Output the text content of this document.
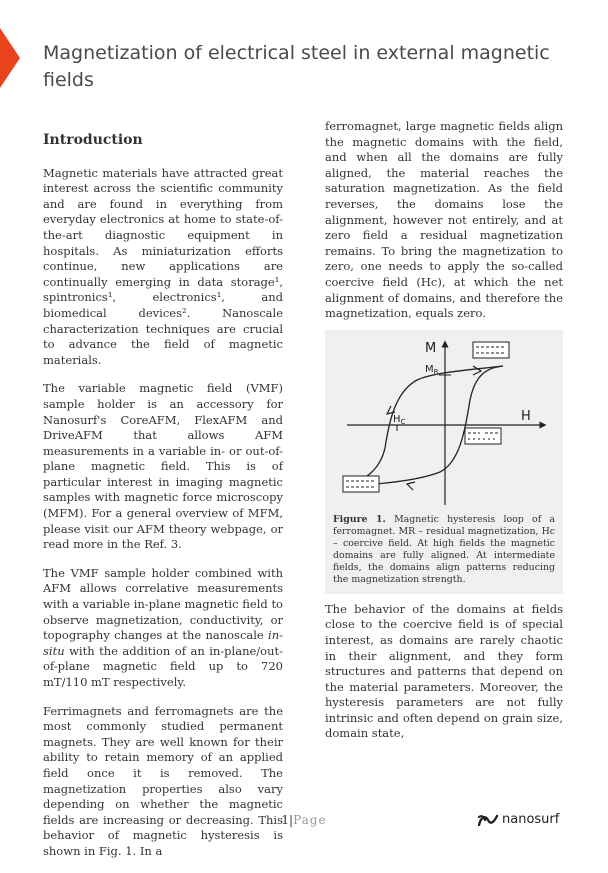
Magnetization of electrical steel in external magnetic fields
Introduction

Magnetic materials have attracted great interest across the scientific community and are found in everything from everyday electronics at home to state-of-the-art diagnostic equipment in hospitals. As miniaturization efforts continue, new applications are continually emerging in data storage¹, spintronics¹, electronics¹, and biomedical devices². Nanoscale characterization techniques are crucial to advance the field of magnetic materials.

The variable magnetic field (VMF) sample holder is an accessory for Nanosurf's CoreAFM, FlexAFM and DriveAFM that allows AFM measurements in a variable in- or out-of-plane magnetic field. This is of particular interest in imaging magnetic samples with magnetic force microscopy (MFM). For a general overview of MFM, please visit our AFM theory webpage, or read more in the Ref. 3.

The VMF sample holder combined with AFM allows correlative measurements with a variable in-plane magnetic field to observe magnetization, conductivity, or topography changes at the nanoscale in-situ with the addition of an in-plane/out-of-plane magnetic field up to 720 mT/110 mT respectively.

Ferrimagnets and ferromagnets are the most commonly studied permanent magnets. They are well known for their ability to retain memory of an applied field once it is removed. The magnetization properties also vary depending on whether the magnetic fields are increasing or decreasing. This behavior of magnetic hysteresis is shown in Fig. 1. In a

ferromagnet, large magnetic fields align the magnetic domains with the field, and when all the domains are fully aligned, the material reaches the saturation magnetization. As the field reverses, the domains lose the alignment, however not entirely, and at zero field a residual magnetization remains. To bring the magnetization to zero, one needs to apply the so-called coercive field (Hc), at which the net alignment of domains, and therefore the magnetization, equals zero.

M
$M_R$
$H_C$	H
Figure 1. Magnetic hysteresis loop of a ferromagnet. MR – residual magnetization, Hc – coercive field. At high fields the magnetic domains are fully aligned. At intermediate fields, the domains align patterns reducing the magnetization strength.

The behavior of the domains at fields close to the coercive field is of special interest, as domains are rarely chaotic in their alignment, and they form structures and patterns that depend on the material parameters. Moreover, the hysteresis parameters are not fully intrinsic and often depend on grain size, domain state,

1|Page	nanosurf
